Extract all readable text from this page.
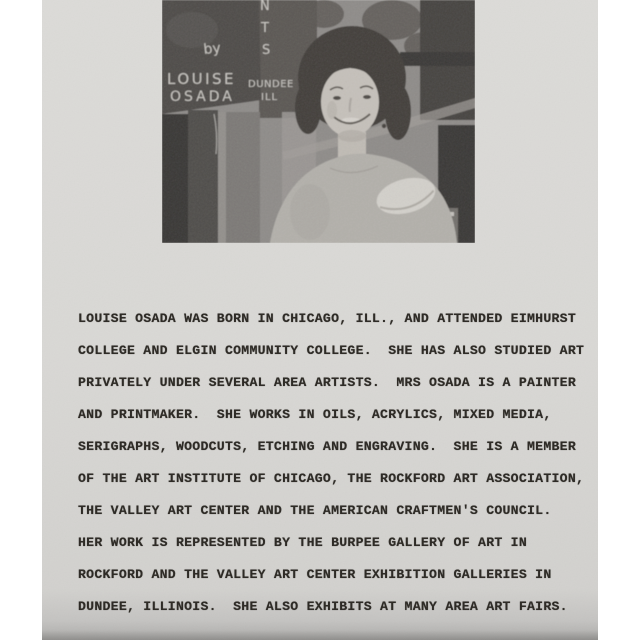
by
LOUISE
OSADA
N
T
S
DUNDEE
ILL
LOUISE OSADA WAS BORN IN CHICAGO, ILL., AND ATTENDED EIMHURST
COLLEGE AND ELGIN COMMUNITY COLLEGE.  SHE HAS ALSO STUDIED ART
PRIVATELY UNDER SEVERAL AREA ARTISTS.  MRS OSADA IS A PAINTER
AND PRINTMAKER.  SHE WORKS IN OILS, ACRYLICS, MIXED MEDIA,
SERIGRAPHS, WOODCUTS, ETCHING AND ENGRAVING.  SHE IS A MEMBER
OF THE ART INSTITUTE OF CHICAGO, THE ROCKFORD ART ASSOCIATION,
THE VALLEY ART CENTER AND THE AMERICAN CRAFTMEN'S COUNCIL.
HER WORK IS REPRESENTED BY THE BURPEE GALLERY OF ART IN
ROCKFORD AND THE VALLEY ART CENTER EXHIBITION GALLERIES IN
DUNDEE, ILLINOIS.  SHE ALSO EXHIBITS AT MANY AREA ART FAIRS.
